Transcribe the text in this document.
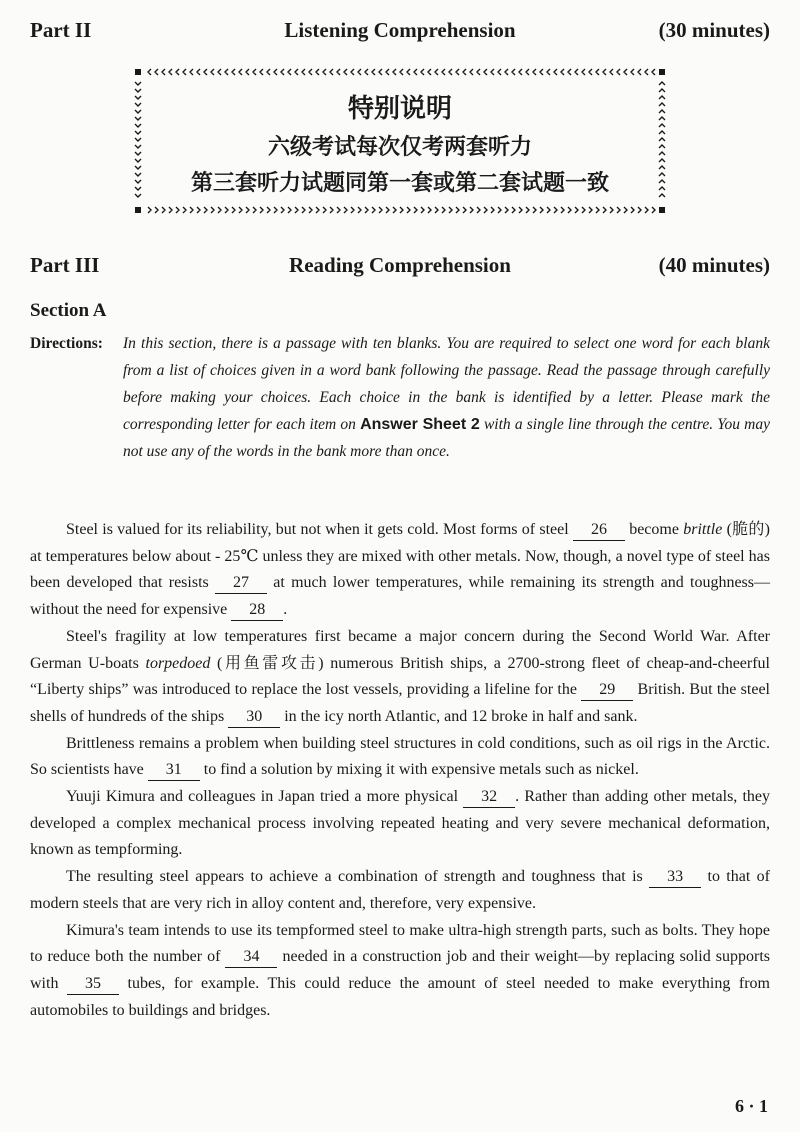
Part II	Listening Comprehension	(30 minutes)
特别说明
六级考试每次仅考两套听力
第三套听力试题同第一套或第二套试题一致
Part III	Reading Comprehension	(40 minutes)
Section A
Directions: In this section, there is a passage with ten blanks. You are required to select one word for each blank from a list of choices given in a word bank following the passage. Read the passage through carefully before making your choices. Each choice in the bank is identified by a letter. Please mark the corresponding letter for each item on Answer Sheet 2 with a single line through the centre. You may not use any of the words in the bank more than once.

Steel is valued for its reliability, but not when it gets cold. Most forms of steel 26 become brittle (脆的) at temperatures below about - 25℃ unless they are mixed with other metals. Now, though, a novel type of steel has been developed that resists 27 at much lower temperatures, while remaining its strength and toughness—without the need for expensive 28 .

Steel's fragility at low temperatures first became a major concern during the Second World War. After German U-boats torpedoed (用鱼雷攻击) numerous British ships, a 2700-strong fleet of cheap-and-cheerful “Liberty ships” was introduced to replace the lost vessels, providing a lifeline for the 29 British. But the steel shells of hundreds of the ships 30 in the icy north Atlantic, and 12 broke in half and sank.

Brittleness remains a problem when building steel structures in cold conditions, such as oil rigs in the Arctic. So scientists have 31 to find a solution by mixing it with expensive metals such as nickel.

Yuuji Kimura and colleagues in Japan tried a more physical 32 . Rather than adding other metals, they developed a complex mechanical process involving repeated heating and very severe mechanical deformation, known as tempforming.

The resulting steel appears to achieve a combination of strength and toughness that is 33 to that of modern steels that are very rich in alloy content and, therefore, very expensive.

Kimura's team intends to use its tempformed steel to make ultra-high strength parts, such as bolts. They hope to reduce both the number of 34 needed in a construction job and their weight—by replacing solid supports with 35 tubes, for example. This could reduce the amount of steel needed to make everything from automobiles to buildings and bridges.

6 · 1
